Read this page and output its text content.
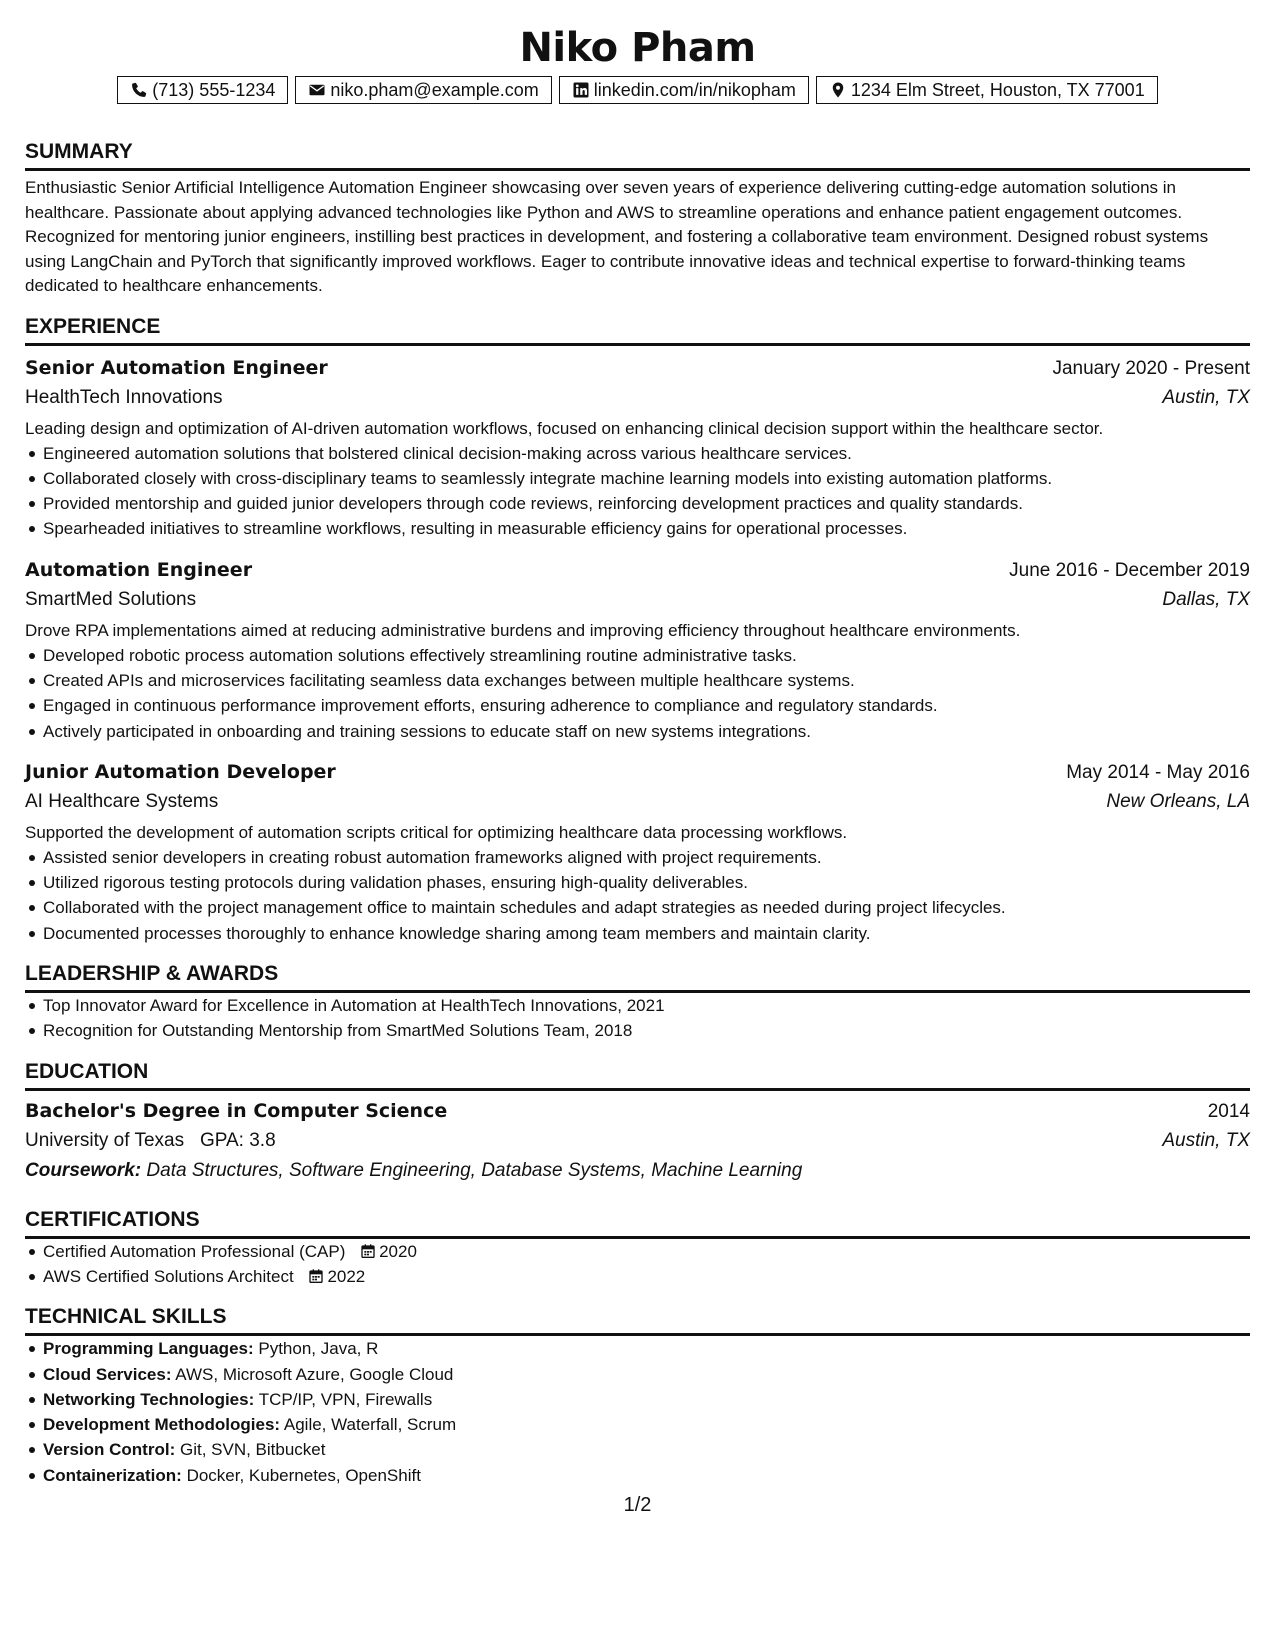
Niko Pham
(713) 555-1234	niko.pham@example.com	linkedin.com/in/nikopham	1234 Elm Street, Houston, TX 77001
SUMMARY

Enthusiastic Senior Artificial Intelligence Automation Engineer showcasing over seven years of experience delivering cutting-edge automation solutions in healthcare. Passionate about applying advanced technologies like Python and AWS to streamline operations and enhance patient engagement outcomes. Recognized for mentoring junior engineers, instilling best practices in development, and fostering a collaborative team environment. Designed robust systems using LangChain and PyTorch that significantly improved workflows. Eager to contribute innovative ideas and technical expertise to forward-thinking teams dedicated to healthcare enhancements.

EXPERIENCE
Senior Automation Engineer	January 2020 - Present
HealthTech Innovations	Austin, TX
Leading design and optimization of AI-driven automation workflows, focused on enhancing clinical decision support within the healthcare sector.
Engineered automation solutions that bolstered clinical decision-making across various healthcare services.
Collaborated closely with cross-disciplinary teams to seamlessly integrate machine learning models into existing automation platforms.
Provided mentorship and guided junior developers through code reviews, reinforcing development practices and quality standards.
Spearheaded initiatives to streamline workflows, resulting in measurable efficiency gains for operational processes.
Automation Engineer	June 2016 - December 2019
SmartMed Solutions	Dallas, TX
Drove RPA implementations aimed at reducing administrative burdens and improving efficiency throughout healthcare environments.
Developed robotic process automation solutions effectively streamlining routine administrative tasks.
Created APIs and microservices facilitating seamless data exchanges between multiple healthcare systems.
Engaged in continuous performance improvement efforts, ensuring adherence to compliance and regulatory standards.
Actively participated in onboarding and training sessions to educate staff on new systems integrations.
Junior Automation Developer	May 2014 - May 2016
AI Healthcare Systems	New Orleans, LA
Supported the development of automation scripts critical for optimizing healthcare data processing workflows.
Assisted senior developers in creating robust automation frameworks aligned with project requirements.
Utilized rigorous testing protocols during validation phases, ensuring high-quality deliverables.
Collaborated with the project management office to maintain schedules and adapt strategies as needed during project lifecycles.
Documented processes thoroughly to enhance knowledge sharing among team members and maintain clarity.
LEADERSHIP & AWARDS
Top Innovator Award for Excellence in Automation at HealthTech Innovations, 2021
Recognition for Outstanding Mentorship from SmartMed Solutions Team, 2018
EDUCATION
Bachelor's Degree in Computer Science	2014
University of Texas GPA: 3.8	Austin, TX
Coursework: Data Structures, Software Engineering, Database Systems, Machine Learning
CERTIFICATIONS
Certified Automation Professional (CAP) 2020
AWS Certified Solutions Architect 2022
TECHNICAL SKILLS
Programming Languages: Python, Java, R
Cloud Services: AWS, Microsoft Azure, Google Cloud
Networking Technologies: TCP/IP, VPN, Firewalls
Development Methodologies: Agile, Waterfall, Scrum
Version Control: Git, SVN, Bitbucket
Containerization: Docker, Kubernetes, OpenShift
1/2
